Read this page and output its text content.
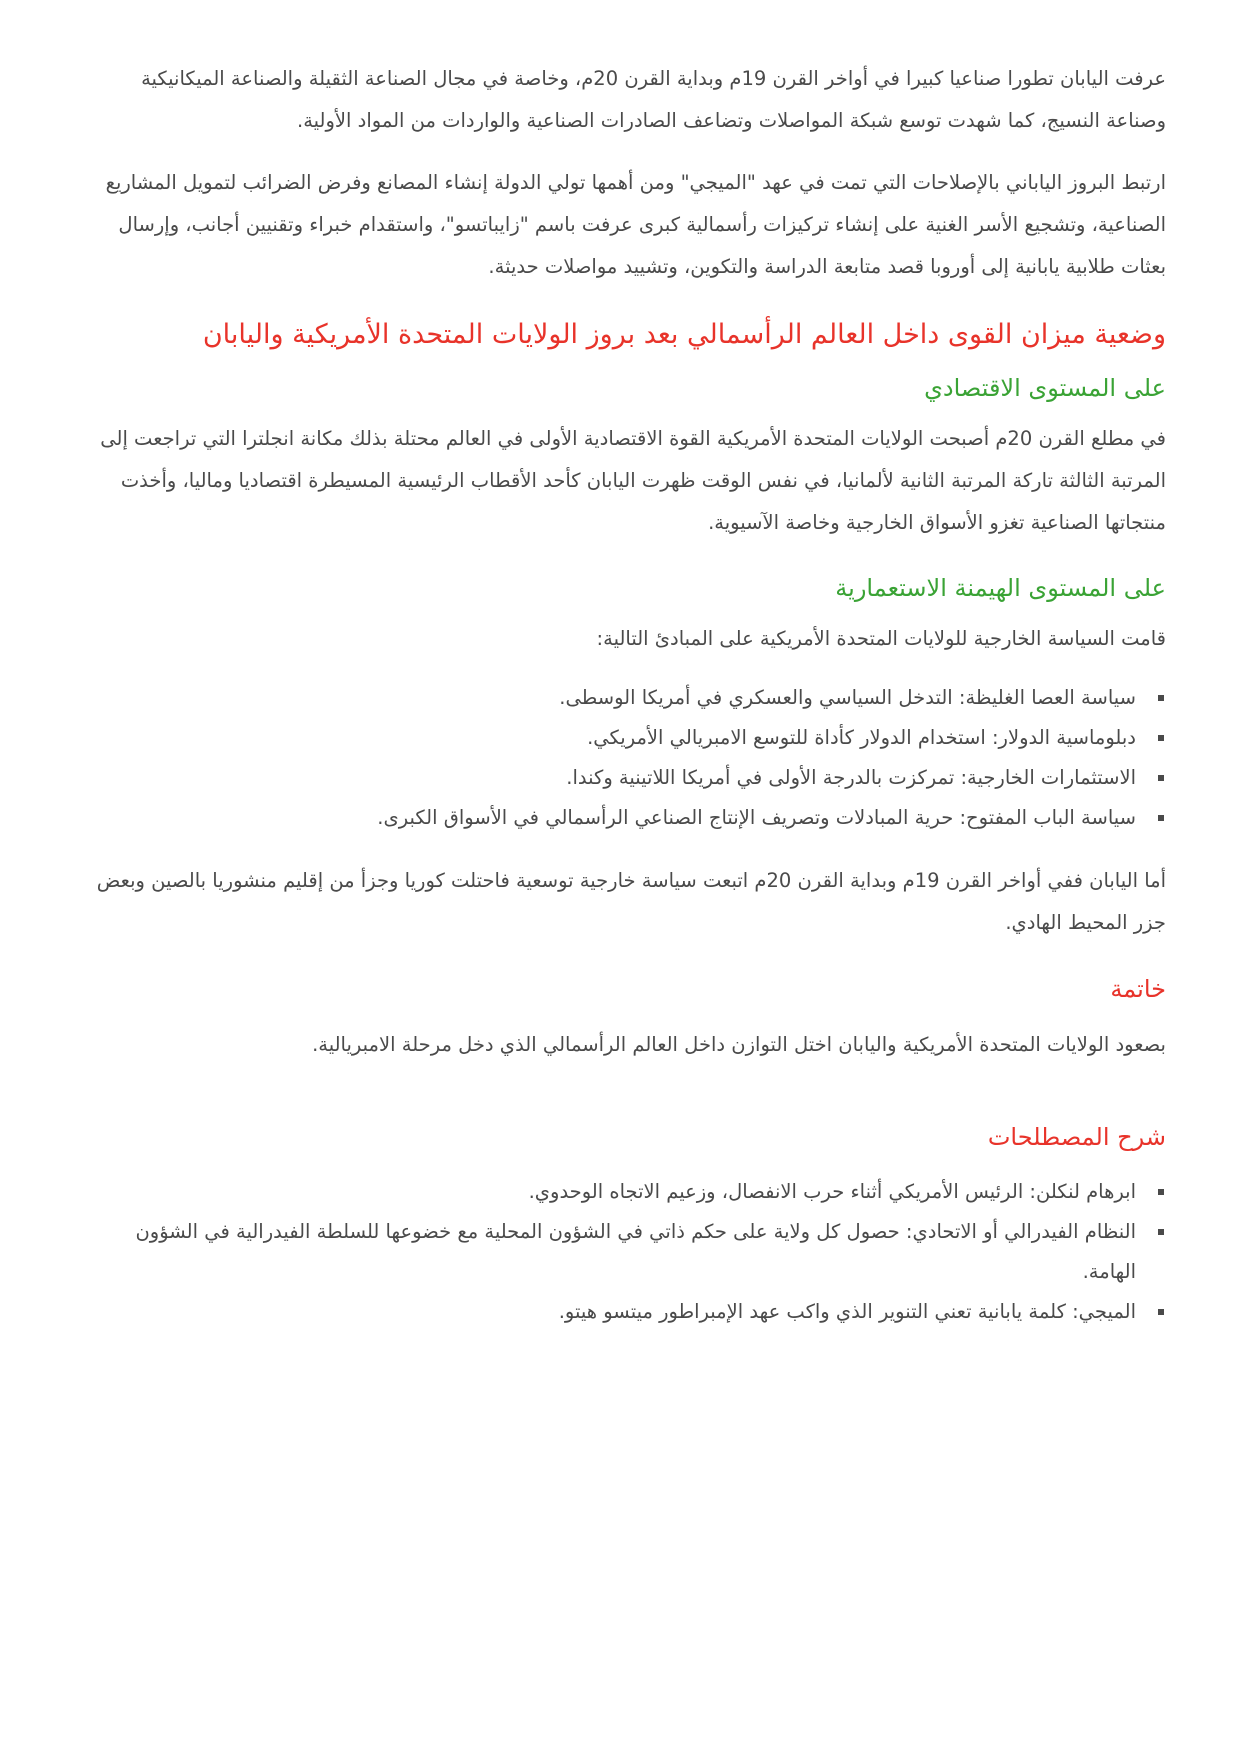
عرفت اليابان تطورا صناعيا كبيرا في أواخر القرن 19م وبداية القرن 20م، وخاصة في مجال الصناعة الثقيلة والصناعة الميكانيكية وصناعة النسيج، كما شهدت توسع شبكة المواصلات وتضاعف الصادرات الصناعية والواردات من المواد الأولية.

ارتبط البروز الياباني بالإصلاحات التي تمت في عهد "الميجي" ومن أهمها تولي الدولة إنشاء المصانع وفرض الضرائب لتمويل المشاريع الصناعية، وتشجيع الأسر الغنية على إنشاء تركيزات رأسمالية كبرى عرفت باسم "زايباتسو"، واستقدام خبراء وتقنيين أجانب، وإرسال بعثات طلابية يابانية إلى أوروبا قصد متابعة الدراسة والتكوين، وتشييد مواصلات حديثة.

وضعية ميزان القوى داخل العالم الرأسمالي بعد بروز الولايات المتحدة الأمريكية واليابان
على المستوى الاقتصادي

في مطلع القرن 20م أصبحت الولايات المتحدة الأمريكية القوة الاقتصادية الأولى في العالم محتلة بذلك مكانة انجلترا التي تراجعت إلى المرتبة الثالثة تاركة المرتبة الثانية لألمانيا، في نفس الوقت ظهرت اليابان كأحد الأقطاب الرئيسية المسيطرة اقتصاديا وماليا، وأخذت منتجاتها الصناعية تغزو الأسواق الخارجية وخاصة الآسيوية.

على المستوى الهيمنة الاستعمارية

قامت السياسة الخارجية للولايات المتحدة الأمريكية على المبادئ التالية:

سياسة العصا الغليظة: التدخل السياسي والعسكري في أمريكا الوسطى.
دبلوماسية الدولار: استخدام الدولار كأداة للتوسع الامبريالي الأمريكي.
الاستثمارات الخارجية: تمركزت بالدرجة الأولى في أمريكا اللاتينية وكندا.
سياسة الباب المفتوح: حرية المبادلات وتصريف الإنتاج الصناعي الرأسمالي في الأسواق الكبرى.

أما اليابان ففي أواخر القرن 19م وبداية القرن 20م اتبعت سياسة خارجية توسعية فاحتلت كوريا وجزأ من إقليم منشوريا بالصين وبعض جزر المحيط الهادي.

خاتمة

بصعود الولايات المتحدة الأمريكية واليابان اختل التوازن داخل العالم الرأسمالي الذي دخل مرحلة الامبريالية.

شرح المصطلحات
ابرهام لنكلن: الرئيس الأمريكي أثناء حرب الانفصال، وزعيم الاتجاه الوحدوي.
النظام الفيدرالي أو الاتحادي: حصول كل ولاية على حكم ذاتي في الشؤون المحلية مع خضوعها للسلطة الفيدرالية في الشؤون الهامة.
الميجي: كلمة يابانية تعني التنوير الذي واكب عهد الإمبراطور ميتسو هيتو.
